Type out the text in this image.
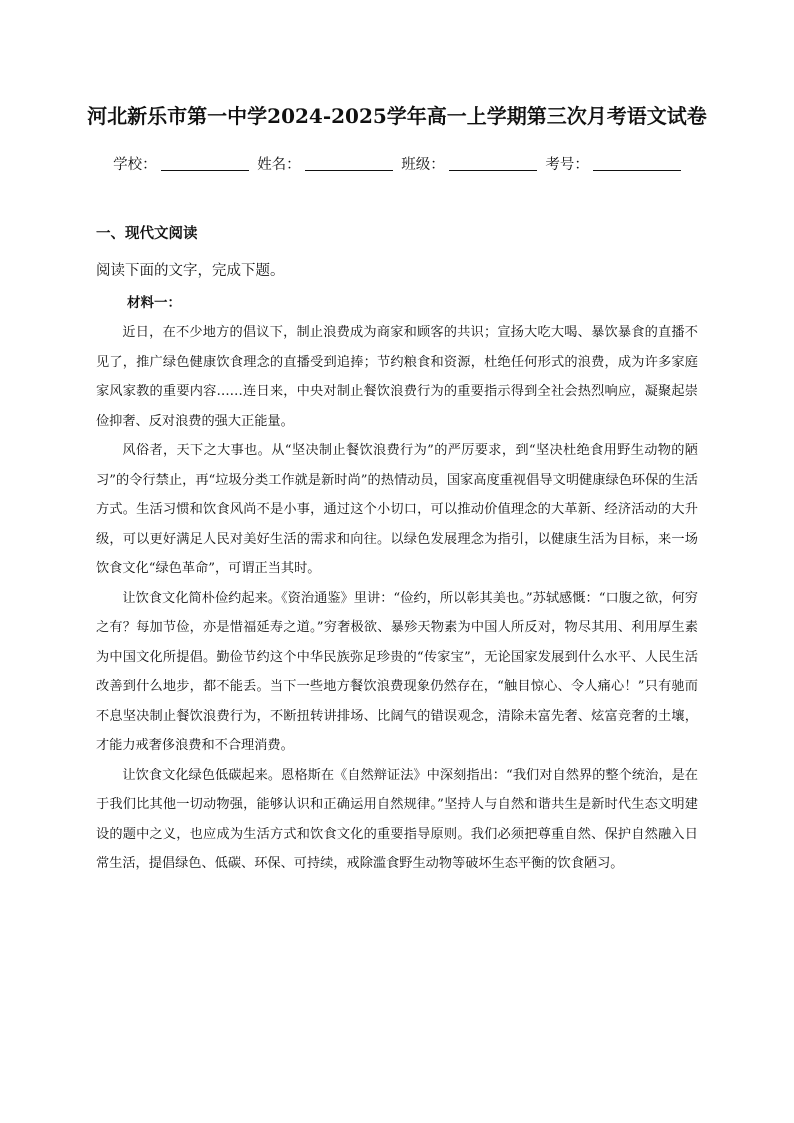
河北新乐市第一中学2024-2025学年高一上学期第三次月考语文试卷
学校：	姓名：	班级：	考号：
一、现代文阅读
阅读下面的文字，完成下题。
材料一：

近日，在不少地方的倡议下，制止浪费成为商家和顾客的共识；宣扬大吃大喝、暴饮暴食的直播不见了，推广绿色健康饮食理念的直播受到追捧；节约粮食和资源，杜绝任何形式的浪费，成为许多家庭家风家教的重要内容……连日来，中央对制止餐饮浪费行为的重要指示得到全社会热烈响应，凝聚起崇俭抑奢、反对浪费的强大正能量。

风俗者，天下之大事也。从“坚决制止餐饮浪费行为”的严厉要求，到“坚决杜绝食用野生动物的陋习”的令行禁止，再“垃圾分类工作就是新时尚”的热情动员，国家高度重视倡导文明健康绿色环保的生活方式。生活习惯和饮食风尚不是小事，通过这个小切口，可以推动价值理念的大革新、经济活动的大升级，可以更好满足人民对美好生活的需求和向往。以绿色发展理念为指引，以健康生活为目标，来一场饮食文化“绿色革命”，可谓正当其时。

让饮食文化简朴俭约起来。《资治通鉴》里讲：“俭约，所以彰其美也。”苏轼感慨：“口腹之欲，何穷之有？每加节俭，亦是惜福延寿之道。”穷奢极欲、暴殄天物素为中国人所反对，物尽其用、利用厚生素为中国文化所提倡。勤俭节约这个中华民族弥足珍贵的“传家宝”，无论国家发展到什么水平、人民生活改善到什么地步，都不能丢。当下一些地方餐饮浪费现象仍然存在，“触目惊心、令人痛心！”只有驰而不息坚决制止餐饮浪费行为，不断扭转讲排场、比阔气的错误观念，清除未富先奢、炫富竞奢的土壤，才能力戒奢侈浪费和不合理消费。

让饮食文化绿色低碳起来。恩格斯在《自然辩证法》中深刻指出：“我们对自然界的整个统治，是在于我们比其他一切动物强，能够认识和正确运用自然规律。”坚持人与自然和谐共生是新时代生态文明建设的题中之义，也应成为生活方式和饮食文化的重要指导原则。我们必须把尊重自然、保护自然融入日常生活，提倡绿色、低碳、环保、可持续，戒除滥食野生动物等破坏生态平衡的饮食陋习。
